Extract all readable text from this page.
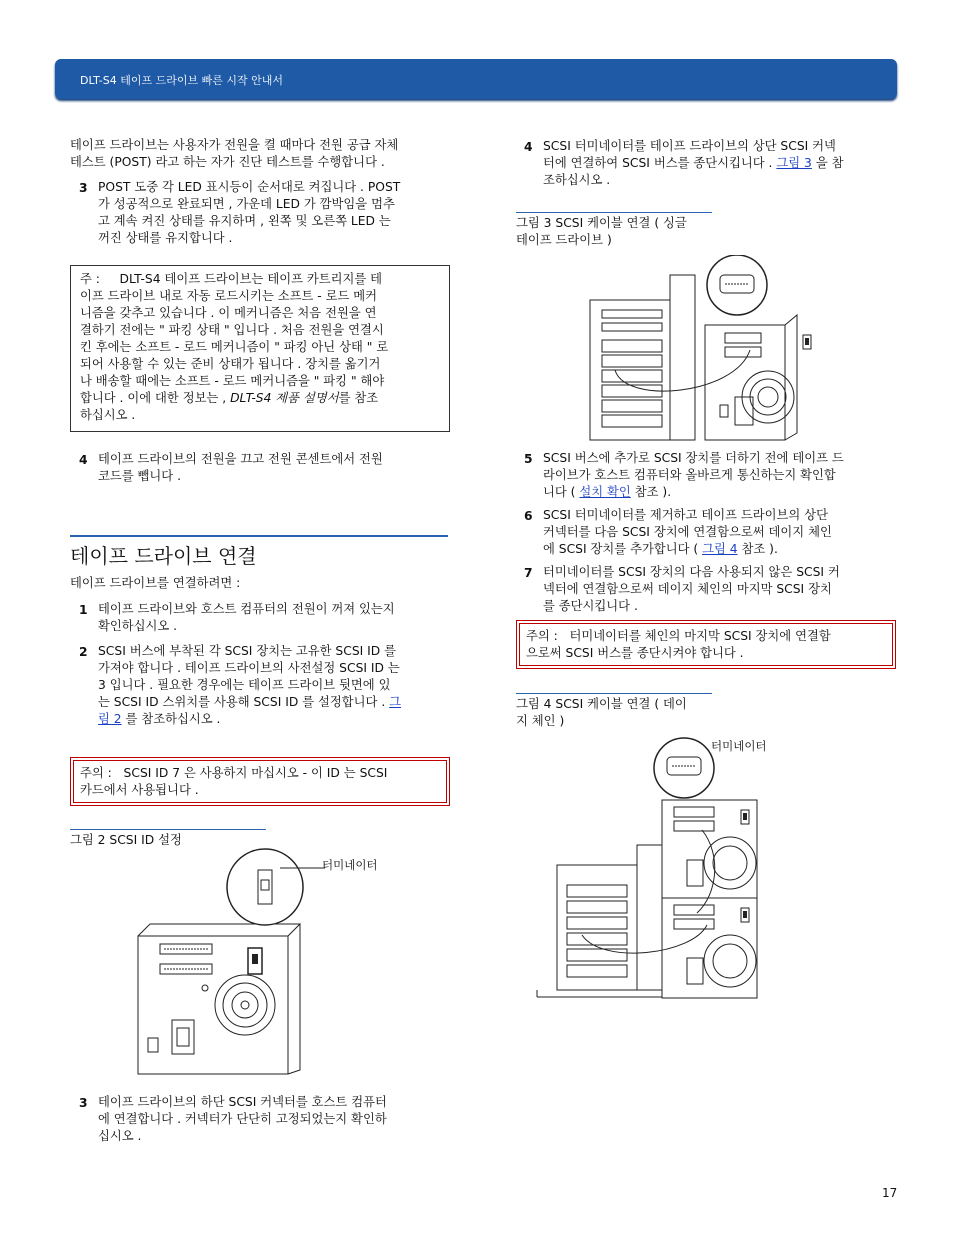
DLT-S4 테이프 드라이브 빠른 시작 안내서
테이프 드라이브는 사용자가 전원을 켤 때마다 전원 공급 자체
테스트 (POST) 라고 하는 자가 진단 테스트를 수행합니다 .
3 POST 도중 각 LED 표시등이 순서대로 켜집니다 . POST
가 성공적으로 완료되면 , 가운데 LED 가 깜박임을 멈추
고 계속 켜진 상태를 유지하며 , 왼쪽 및 오른쪽 LED 는
꺼진 상태를 유지합니다 .
주 : DLT-S4 테이프 드라이브는 테이프 카트리지를 테
이프 드라이브 내로 자동 로드시키는 소프트 - 로드 메커
니즘을 갖추고 있습니다 . 이 메커니즘은 처음 전원을 연
결하기 전에는 " 파킹 상태 " 입니다 . 처음 전원을 연결시
킨 후에는 소프트 - 로드 메커니즘이 " 파킹 아닌 상태 " 로
되어 사용할 수 있는 준비 상태가 됩니다 . 장치를 옮기거
나 배송할 때에는 소프트 - 로드 메커니즘을 " 파킹 " 해야
합니다 . 이에 대한 정보는 , DLT-S4 제품 설명서를 참조
하십시오 .
4 테이프 드라이브의 전원을 끄고 전원 콘센트에서 전원
코드를 뺍니다 .
테이프 드라이브 연결
테이프 드라이브를 연결하려면 :
1 테이프 드라이브와 호스트 컴퓨터의 전원이 꺼져 있는지
확인하십시오 .
2 SCSI 버스에 부착된 각 SCSI 장치는 고유한 SCSI ID 를
가져야 합니다 . 테이프 드라이브의 사전설정 SCSI ID 는
3 입니다 . 필요한 경우에는 테이프 드라이브 뒷면에 있
는 SCSI ID 스위치를 사용해 SCSI ID 를 설정합니다 . 그
림 2 를 참조하십시오 .
주의 : SCSI ID 7 은 사용하지 마십시오 - 이 ID 는 SCSI
카드에서 사용됩니다 .
그림 2 SCSI ID 설정
터미네이터
3 테이프 드라이브의 하단 SCSI 커넥터를 호스트 컴퓨터
에 연결합니다 . 커넥터가 단단히 고정되었는지 확인하
십시오 .
4 SCSI 터미네이터를 테이프 드라이브의 상단 SCSI 커넥
터에 연결하여 SCSI 버스를 종단시킵니다 . 그림 3 을 참
조하십시오 .
그림 3 SCSI 케이블 연결 ( 싱글
테이프 드라이브 )
5 SCSI 버스에 추가로 SCSI 장치를 더하기 전에 테이프 드
라이브가 호스트 컴퓨터와 올바르게 통신하는지 확인합
니다 ( 설치 확인 참조 ).
6 SCSI 터미네이터를 제거하고 테이프 드라이브의 상단
커넥터를 다음 SCSI 장치에 연결함으로써 데이지 체인
에 SCSI 장치를 추가합니다 ( 그림 4 참조 ).
7 터미네이터를 SCSI 장치의 다음 사용되지 않은 SCSI 커
넥터에 연결함으로써 데이지 체인의 마지막 SCSI 장치
를 종단시킵니다 .
주의 : 터미네이터를 체인의 마지막 SCSI 장치에 연결함
으로써 SCSI 버스를 종단시켜야 합니다 .
그림 4 SCSI 케이블 연결 ( 데이
지 체인 )
터미네이터
17
